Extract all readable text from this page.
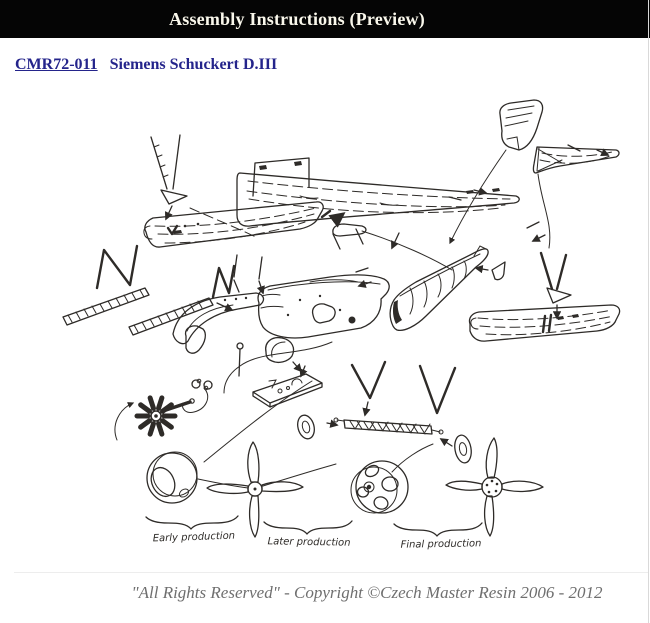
Assembly Instructions (Preview)
CMR72-011 Siemens Schuckert D.III
Early production	Later production	Final production
"All Rights Reserved" - Copyright ©Czech Master Resin 2006 - 2012
